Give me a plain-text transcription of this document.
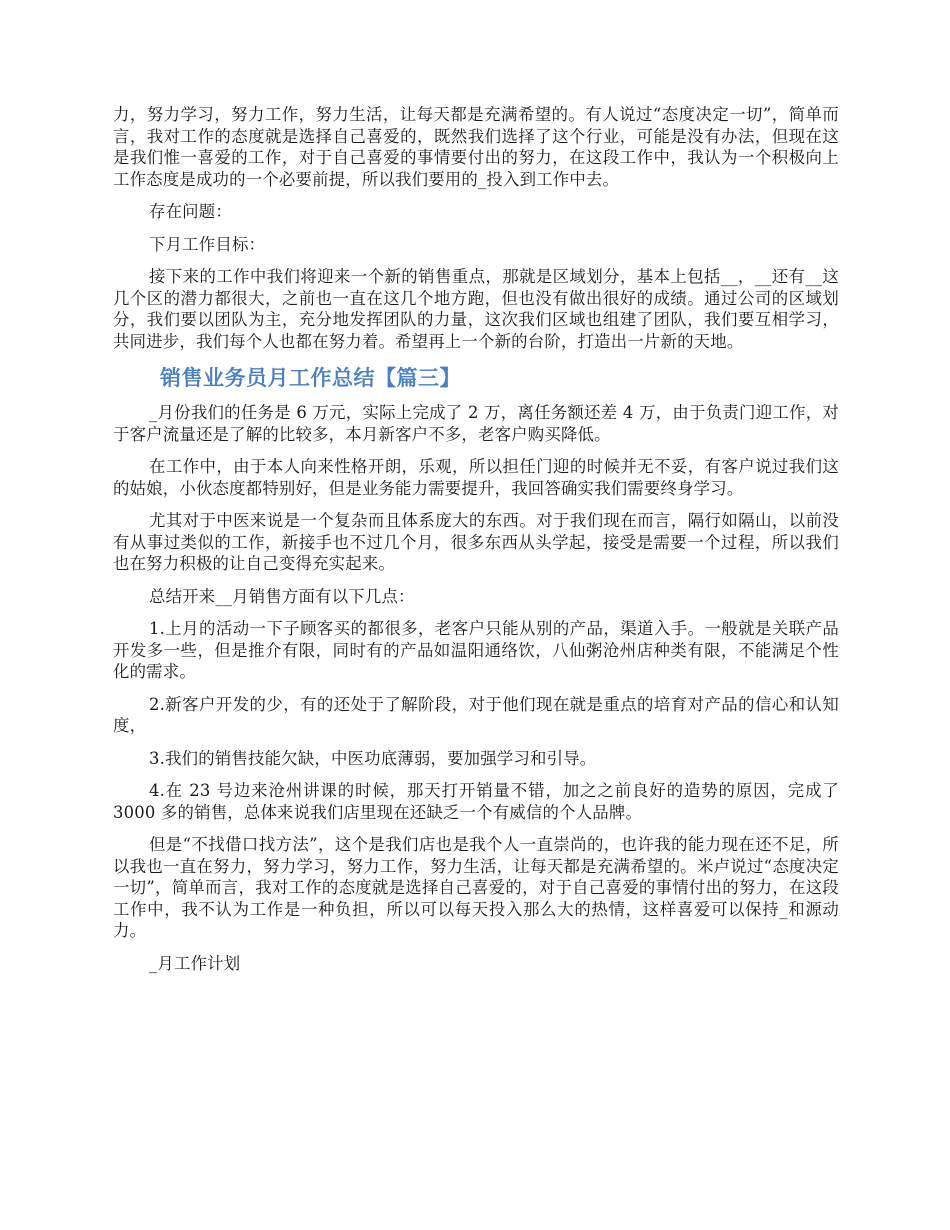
力，努力学习，努力工作，努力生活，让每天都是充满希望的。有人说过“态度决定一切”，简单而言，我对工作的态度就是选择自己喜爱的，既然我们选择了这个行业，可能是没有办法，但现在这是我们惟一喜爱的工作，对于自己喜爱的事情要付出的努力，在这段工作中，我认为一个积极向上工作态度是成功的一个必要前提，所以我们要用的_投入到工作中去。

存在问题：

下月工作目标：

接下来的工作中我们将迎来一个新的销售重点，那就是区域划分，基本上包括__，__还有__这几个区的潜力都很大，之前也一直在这几个地方跑，但也没有做出很好的成绩。通过公司的区域划分，我们要以团队为主，充分地发挥团队的力量，这次我们区域也组建了团队，我们要互相学习，共同进步，我们每个人也都在努力着。希望再上一个新的台阶，打造出一片新的天地。

销售业务员月工作总结【篇三】

_月份我们的任务是 6 万元，实际上完成了 2 万，离任务额还差 4 万，由于负责门迎工作，对于客户流量还是了解的比较多，本月新客户不多，老客户购买降低。

在工作中，由于本人向来性格开朗，乐观，所以担任门迎的时候并无不妥，有客户说过我们这的姑娘，小伙态度都特别好，但是业务能力需要提升，我回答确实我们需要终身学习。

尤其对于中医来说是一个复杂而且体系庞大的东西。对于我们现在而言，隔行如隔山，以前没有从事过类似的工作，新接手也不过几个月，很多东西从头学起，接受是需要一个过程，所以我们也在努力积极的让自己变得充实起来。

总结开来__月销售方面有以下几点：

1.上月的活动一下子顾客买的都很多，老客户只能从别的产品，渠道入手。一般就是关联产品开发多一些，但是推介有限，同时有的产品如温阳通络饮，八仙粥沧州店种类有限，不能满足个性化的需求。

2.新客户开发的少，有的还处于了解阶段，对于他们现在就是重点的培育对产品的信心和认知度，

3.我们的销售技能欠缺，中医功底薄弱，要加强学习和引导。

4.在 23 号边来沧州讲课的时候，那天打开销量不错，加之之前良好的造势的原因，完成了 3000 多的销售，总体来说我们店里现在还缺乏一个有威信的个人品牌。

但是“不找借口找方法”，这个是我们店也是我个人一直崇尚的，也许我的能力现在还不足，所以我也一直在努力，努力学习，努力工作，努力生活，让每天都是充满希望的。米卢说过“态度决定一切”，简单而言，我对工作的态度就是选择自己喜爱的，对于自己喜爱的事情付出的努力，在这段工作中，我不认为工作是一种负担，所以可以每天投入那么大的热情，这样喜爱可以保持_和源动力。

_月工作计划
